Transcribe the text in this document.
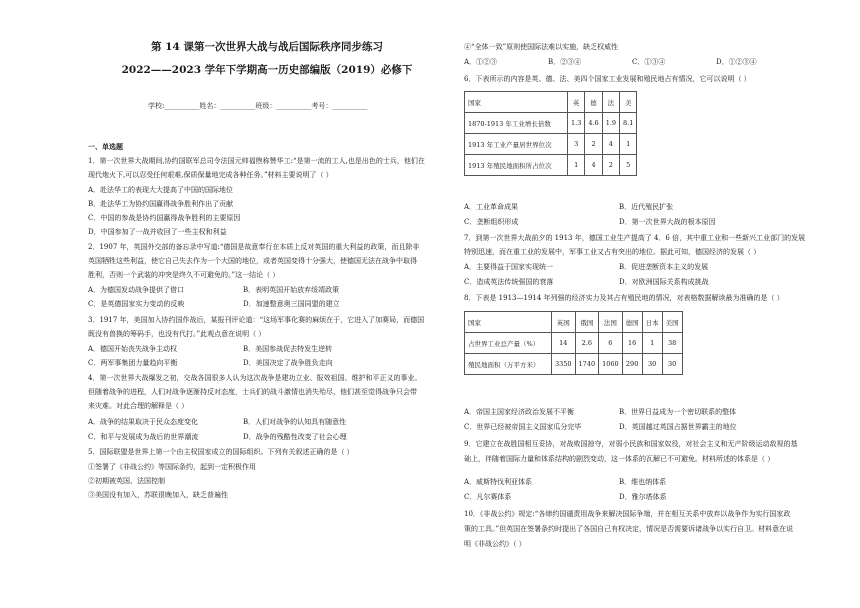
第 14 课第一次世界大战与战后国际秩序同步练习
2022——2023 学年下学期高一历史部编版（2019）必修下
学校:__________姓名：__________班级：__________考号：__________
一、单选题
1．第一次世界大战期间,协约国联军总司令法国元帅福煦称赞华工:“是第一流的工人,也是出色的士兵，他们在
现代炮火下,可以忍受任何艰难,保质保量地完成各种任务。”材料主要说明了（ ）
A．赴法华工的表现大大提高了中国的国际地位
B．赴法华工为协约国赢得战争胜利作出了贡献
C．中国的参战是协约国赢得战争胜利的主要原因
D．中国参加了一战并收回了一些主权和利益
2．1907 年，英国外交部的备忘录中写道:“德国是故意奉行在本质上反对英国的重大利益的政策，而且除非
英国牺牲这些利益，使它自己失去作为一个大国的地位，或者英国变得十分强大，使德国无法在战争中取得
胜利，否则一个武装的冲突是终久不可避免的。”这一结论（ ）
A．为德国发动战争提供了借口	B．表明英国开始放弃绥靖政策
C．是英德国家实力变动的反映	D．加速整意奥三国同盟的建立
3．1917 年，美国加入协约国作战后，某报刊评论道：“这场军事化赛的麻烦在于，它进入了加赛局，而德国
既没有兽换的筹码手，也没有代打。”此观点意在说明（ ）
A．德国开始丧失战争主动权	B．美国参战促去特发生逆转
C．两军事集团力量趋向平衡	D．美国决定了战争胜负走向
4．第一次世界大战爆发之初，交战各国很多人认为这次战争是建功立业、报效祖国、维护和平正义的事业。
但随着战争的进程，人们对战争逐渐持反对态度，士兵们的战斗激情也消失殆尽，他们甚至觉得战争只会带
来灾难。对此合理的解释是（ ）
A．战争的结果取决于民众态度变化	B．人们对战争的认知具有随意性
C．和平与发展成为战后的世界潮流	D．战争的残酷性改变了社会心理
5．国际联盟是世界上第一个由主权国家成立的国际组织。下列有关叙述正确的是（ ）
①签署了《非战公约》等国际条约，起到一定积极作用
②初期被英国、法国控制
③美国没有加入，苏联很晚加入，缺乏普遍性
④“全体一致”原则使国际法难以实施，缺乏权威性
A．①②③	B．②③④	C．①③④	D．①②③④
6．下表所示的内容是英、德、法、美四个国家工业发展和殖民地占有情况，它可以说明（ ）
国家	英	德	法	美
1870-1913 年工业增长倍数	1.3	4.6	1.9	8.1
1913 年工业产量居世界位次	3	2	4	1
1913 年殖民地面积所占位次	1	4	2	5
A．工业革命成果	B．近代殖民扩张
C．垄断组织形成	D．第一次世界大战的根本原因
7．到第一次世界大战前夕的 1913 年，德国工业生产提高了 4．6 倍，其中重工业和一些新兴工业部门的发展
特别迅速，而在重工业的发展中，军事工业又占有突出的地位。据此可知，德国经济的发展（ ）
A．主要得益于国家实现统一	B．促进垄断资本主义的发展
C．造成英法传统强国的衰落	D．对欧洲国际关系构成挑战
8．下表是 1913—1914 年列强的经济实力及其占有殖民地的情况，对表格数据解读最为准确的是（ ）
国家	英国	俄国	法国	德国	日本	美国
占世界工业总产量（%）	14	2.6	6	16	1	38
殖民地面积（万平方米）	3350	1740	1060	290	30	30
A．帝国主国家经济政治发展不平衡	B．世界日益成为一个密切联系的整体
C．世界已经被帝国主义国家瓜分完毕	D．英国越过英国占据世界霸主的地位
9．它建立在战胜国相互妥协，对战败国掠夺，对弱小民族和国家奴役，对社会主义和无产阶级运动敌视的基
础上，伴随着国际力量和体系结构的剧烈变动，这一体系的瓦解已不可避免。材料所述的体系是（ ）
A．威斯特伐利亚体系	B．维也纳体系
C．凡尔赛体系	D．雅尔塔体系
10．《非战公约》规定:“各缔约国谴责用战争来解决国际争端，并在相互关系中放弃以战争作为实行国家政
策的工具。”但英国在签署条约时提出了各国自己有权决定，情况是否需要诉诸战争以实行自卫。材料意在说
明《非战公约》（ ）
